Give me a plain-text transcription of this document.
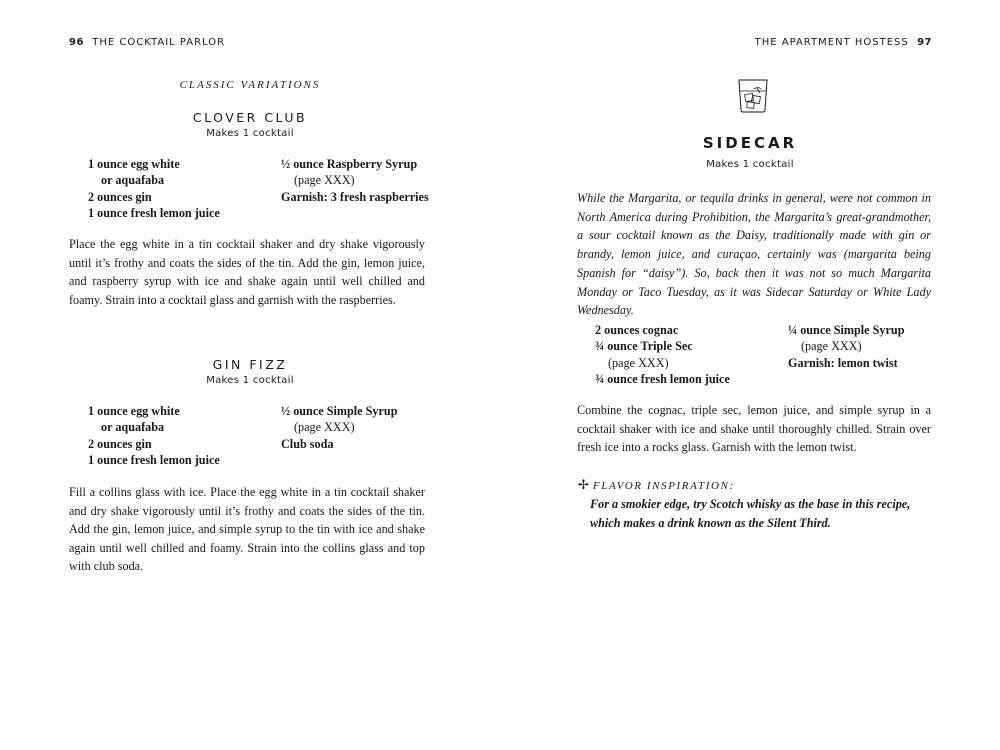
96 THE COCKTAIL PARLOR
CLASSIC VARIATIONS
CLOVER CLUB
Makes 1 cocktail
1 ounce egg white
or aquafaba
2 ounces gin
1 ounce fresh lemon juice
½ ounce Raspberry Syrup
(page XXX)
Garnish: 3 fresh raspberries
Place the egg white in a tin cocktail shaker and dry shake vigorously until it’s frothy and coats the sides of the tin. Add the gin, lemon juice, and raspberry syrup with ice and shake again until well chilled and foamy. Strain into a cocktail glass and garnish with the raspberries.
GIN FIZZ
Makes 1 cocktail
1 ounce egg white
or aquafaba
2 ounces gin
1 ounce fresh lemon juice
½ ounce Simple Syrup
(page XXX)
Club soda
Fill a collins glass with ice. Place the egg white in a tin cocktail shaker and dry shake vigorously until it’s frothy and coats the sides of the tin. Add the gin, lemon juice, and simple syrup to the tin with ice and shake again until well chilled and foamy. Strain into the collins glass and top with club soda.
THE APARTMENT HOSTESS 97
SIDECAR
Makes 1 cocktail
While the Margarita, or tequila drinks in general, were not common in North America during Prohibition, the Margarita’s great-grandmother, a sour cocktail known as the Daisy, traditionally made with gin or brandy, lemon juice, and curaçao, certainly was (margarita being Spanish for “daisy”). So, back then it was not so much Margarita Monday or Taco Tuesday, as it was Sidecar Saturday or White Lady Wednesday.
2 ounces cognac
¾ ounce Triple Sec
(page XXX)
¾ ounce fresh lemon juice
¼ ounce Simple Syrup
(page XXX)
Garnish: lemon twist
Combine the cognac, triple sec, lemon juice, and simple syrup in a cocktail shaker with ice and shake until thoroughly chilled. Strain over fresh ice into a rocks glass. Garnish with the lemon twist.
✢ FLAVOR INSPIRATION:
For a smokier edge, try Scotch whisky as the base in this recipe, which makes a drink known as the Silent Third.
